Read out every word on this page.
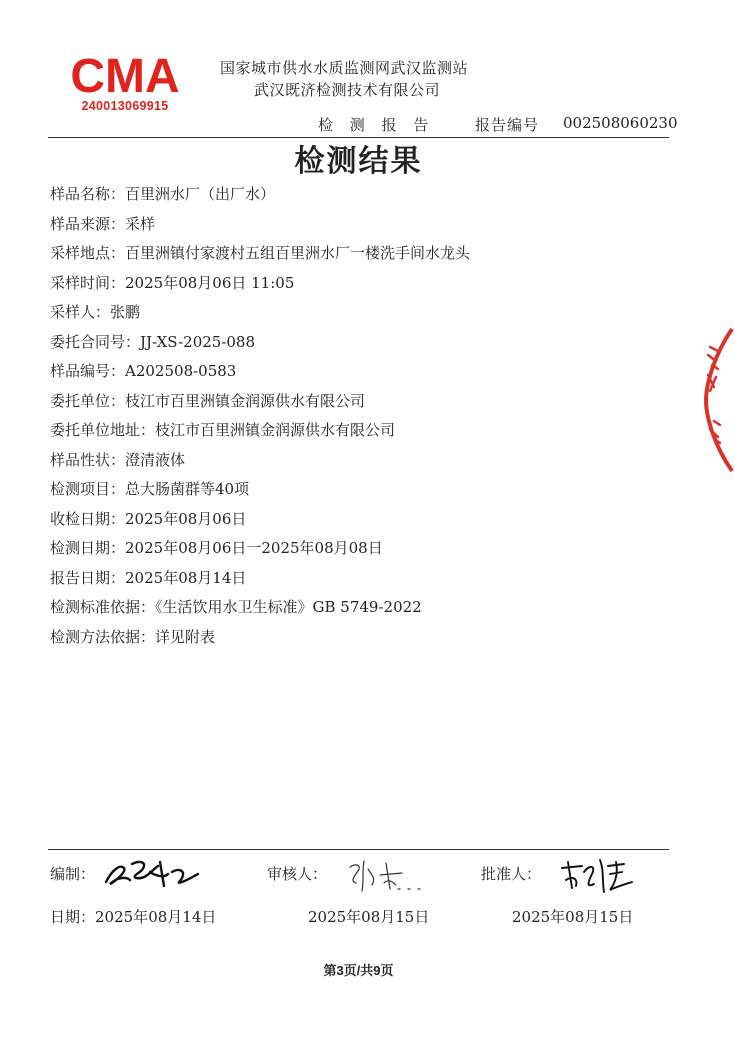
CMA
240013069915
国家城市供水水质监测网武汉监测站
武汉既济检测技术有限公司
检 测 报 告	报告编号 002508060230
检测结果
样品名称：百里洲水厂（出厂水）
样品来源：采样
采样地点：百里洲镇付家渡村五组百里洲水厂一楼洗手间水龙头
采样时间：2025年08月06日 11:05
采样人：张鹏
委托合同号：JJ-XS-2025-088
样品编号：A202508-0583
委托单位：枝江市百里洲镇金润源供水有限公司
委托单位地址：枝江市百里洲镇金润源供水有限公司
样品性状：澄清液体
检测项目：总大肠菌群等40项
收检日期：2025年08月06日
检测日期：2025年08月06日一2025年08月08日
报告日期：2025年08月14日
检测标准依据：《生活饮用水卫生标准》GB 5749-2022
检测方法依据：详见附表
编制：	审核人：	批准人：
日期：2025年08月14日	2025年08月15日	2025年08月15日
第3页/共9页
